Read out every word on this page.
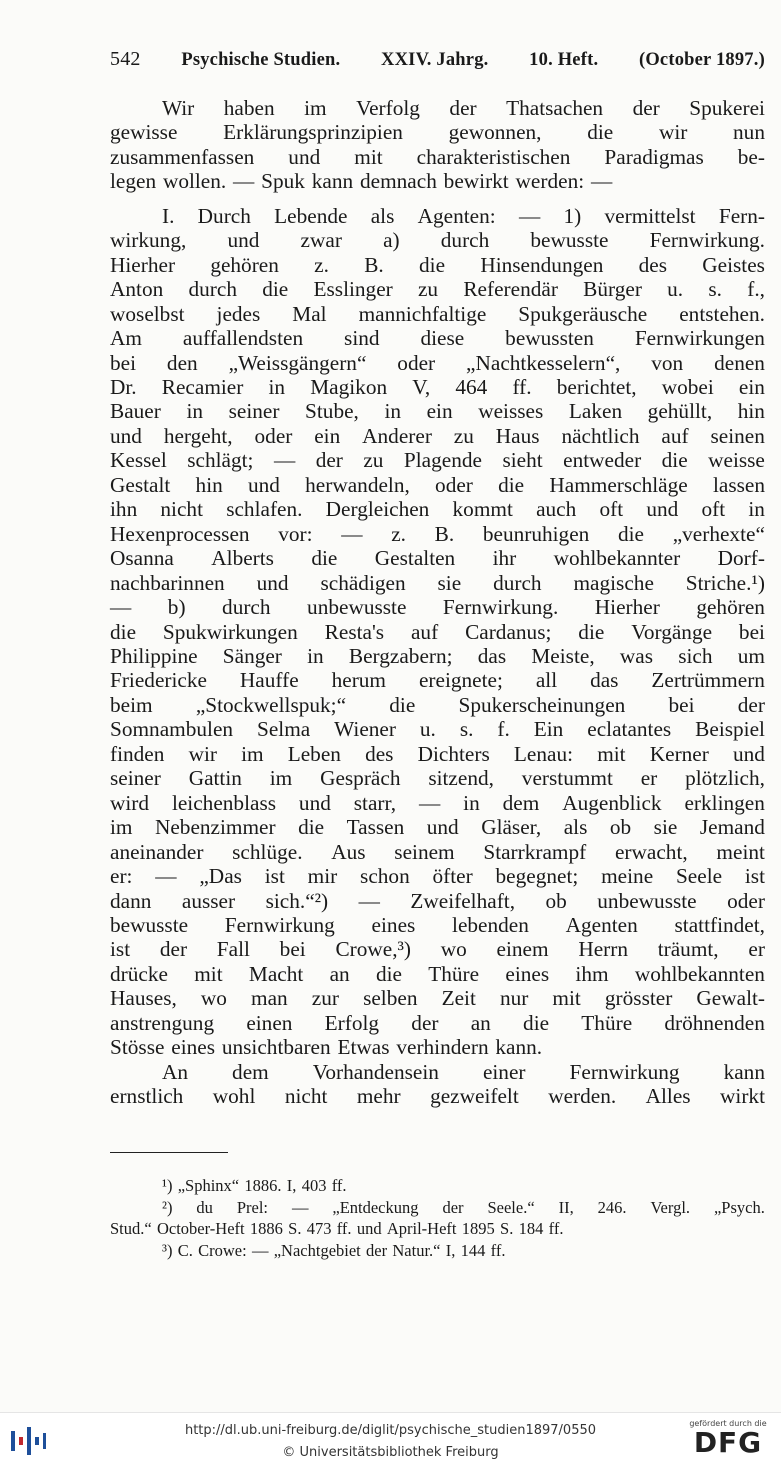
542 Psychische Studien. XXIV. Jahrg. 10. Heft. (October 1897.)
Wir haben im Verfolg der Thatsachen der Spukerei
gewisse Erklärungsprinzipien gewonnen, die wir nun
zusammenfassen und mit charakteristischen Paradigmas be-
legen wollen. — Spuk kann demnach bewirkt werden: —
I. Durch Lebende als Agenten: — 1) vermittelst Fern-
wirkung, und zwar a) durch bewusste Fernwirkung.
Hierher gehören z. B. die Hinsendungen des Geistes
Anton durch die Esslinger zu Referendär Bürger u. s. f.,
woselbst jedes Mal mannichfaltige Spukgeräusche entstehen.
Am auffallendsten sind diese bewussten Fernwirkungen
bei den „Weissgängern“ oder „Nachtkesselern“, von denen
Dr. Recamier in Magikon V, 464 ff. berichtet, wobei ein
Bauer in seiner Stube, in ein weisses Laken gehüllt, hin
und hergeht, oder ein Anderer zu Haus nächtlich auf seinen
Kessel schlägt; — der zu Plagende sieht entweder die weisse
Gestalt hin und herwandeln, oder die Hammerschläge lassen
ihn nicht schlafen. Dergleichen kommt auch oft und oft in
Hexenprocessen vor: — z. B. beunruhigen die „verhexte“
Osanna Alberts die Gestalten ihr wohlbekannter Dorf-
nachbarinnen und schädigen sie durch magische Striche.¹)
— b) durch unbewusste Fernwirkung. Hierher gehören
die Spukwirkungen Resta's auf Cardanus; die Vorgänge bei
Philippine Sänger in Bergzabern; das Meiste, was sich um
Friedericke Hauffe herum ereignete; all das Zertrümmern
beim „Stockwellspuk;“ die Spukerscheinungen bei der
Somnambulen Selma Wiener u. s. f. Ein eclatantes Beispiel
finden wir im Leben des Dichters Lenau: mit Kerner und
seiner Gattin im Gespräch sitzend, verstummt er plötzlich,
wird leichenblass und starr, — in dem Augenblick erklingen
im Nebenzimmer die Tassen und Gläser, als ob sie Jemand
aneinander schlüge. Aus seinem Starrkrampf erwacht, meint
er: — „Das ist mir schon öfter begegnet; meine Seele ist
dann ausser sich.“²) — Zweifelhaft, ob unbewusste oder
bewusste Fernwirkung eines lebenden Agenten stattfindet,
ist der Fall bei Crowe,³) wo einem Herrn träumt, er
drücke mit Macht an die Thüre eines ihm wohlbekannten
Hauses, wo man zur selben Zeit nur mit grösster Gewalt-
anstrengung einen Erfolg der an die Thüre dröhnenden
Stösse eines unsichtbaren Etwas verhindern kann.
An dem Vorhandensein einer Fernwirkung kann
ernstlich wohl nicht mehr gezweifelt werden. Alles wirkt
¹) „Sphinx“ 1886. I, 403 ff.
²) du Prel: — „Entdeckung der Seele.“ II, 246. Vergl. „Psych.
Stud.“ October-Heft 1886 S. 473 ff. und April-Heft 1895 S. 184 ff.
³) C. Crowe: — „Nachtgebiet der Natur.“ I, 144 ff.
http://dl.ub.uni-freiburg.de/diglit/psychische_studien1897/0550
© Universitätsbibliothek Freiburg
gefördert durch die
DFG
